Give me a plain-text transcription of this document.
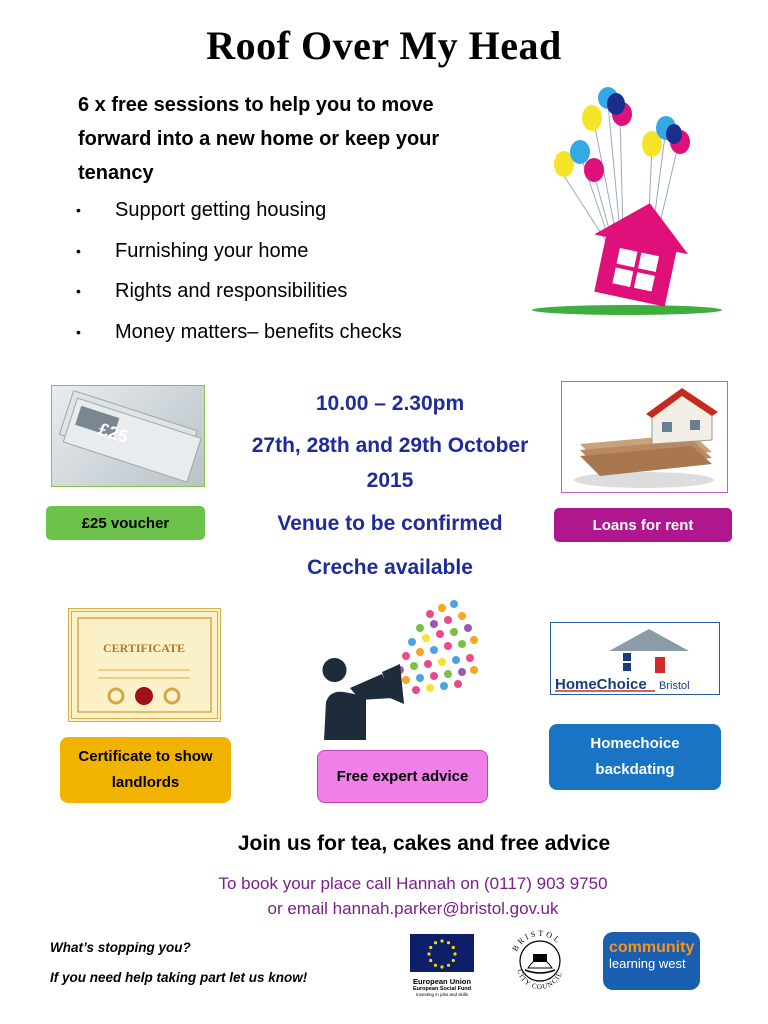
Roof Over My Head
6 x free sessions to help you to move forward into a new home or keep your tenancy
•	Support getting housing
•	Furnishing your home
•	Rights and responsibilities
•	Money matters– benefits checks
£25
£25 voucher
10.00 – 2.30pm
27th, 28th and 29th October
2015
Venue to be confirmed
Creche available
Loans for rent
CERTIFICATE
Certificate to show landlords	Free expert advice
HomeChoice Bristol
Homechoice backdating
Join us for tea, cakes and free advice
To book your place call Hannah on (0117) 903 9750
or email hannah.parker@bristol.gov.uk
What’s stopping you?
If you need help taking part let us know!	European Union
European Social Fund
Investing in jobs and skills
BRISTOL
CITY COUNCIL
community
learning west
